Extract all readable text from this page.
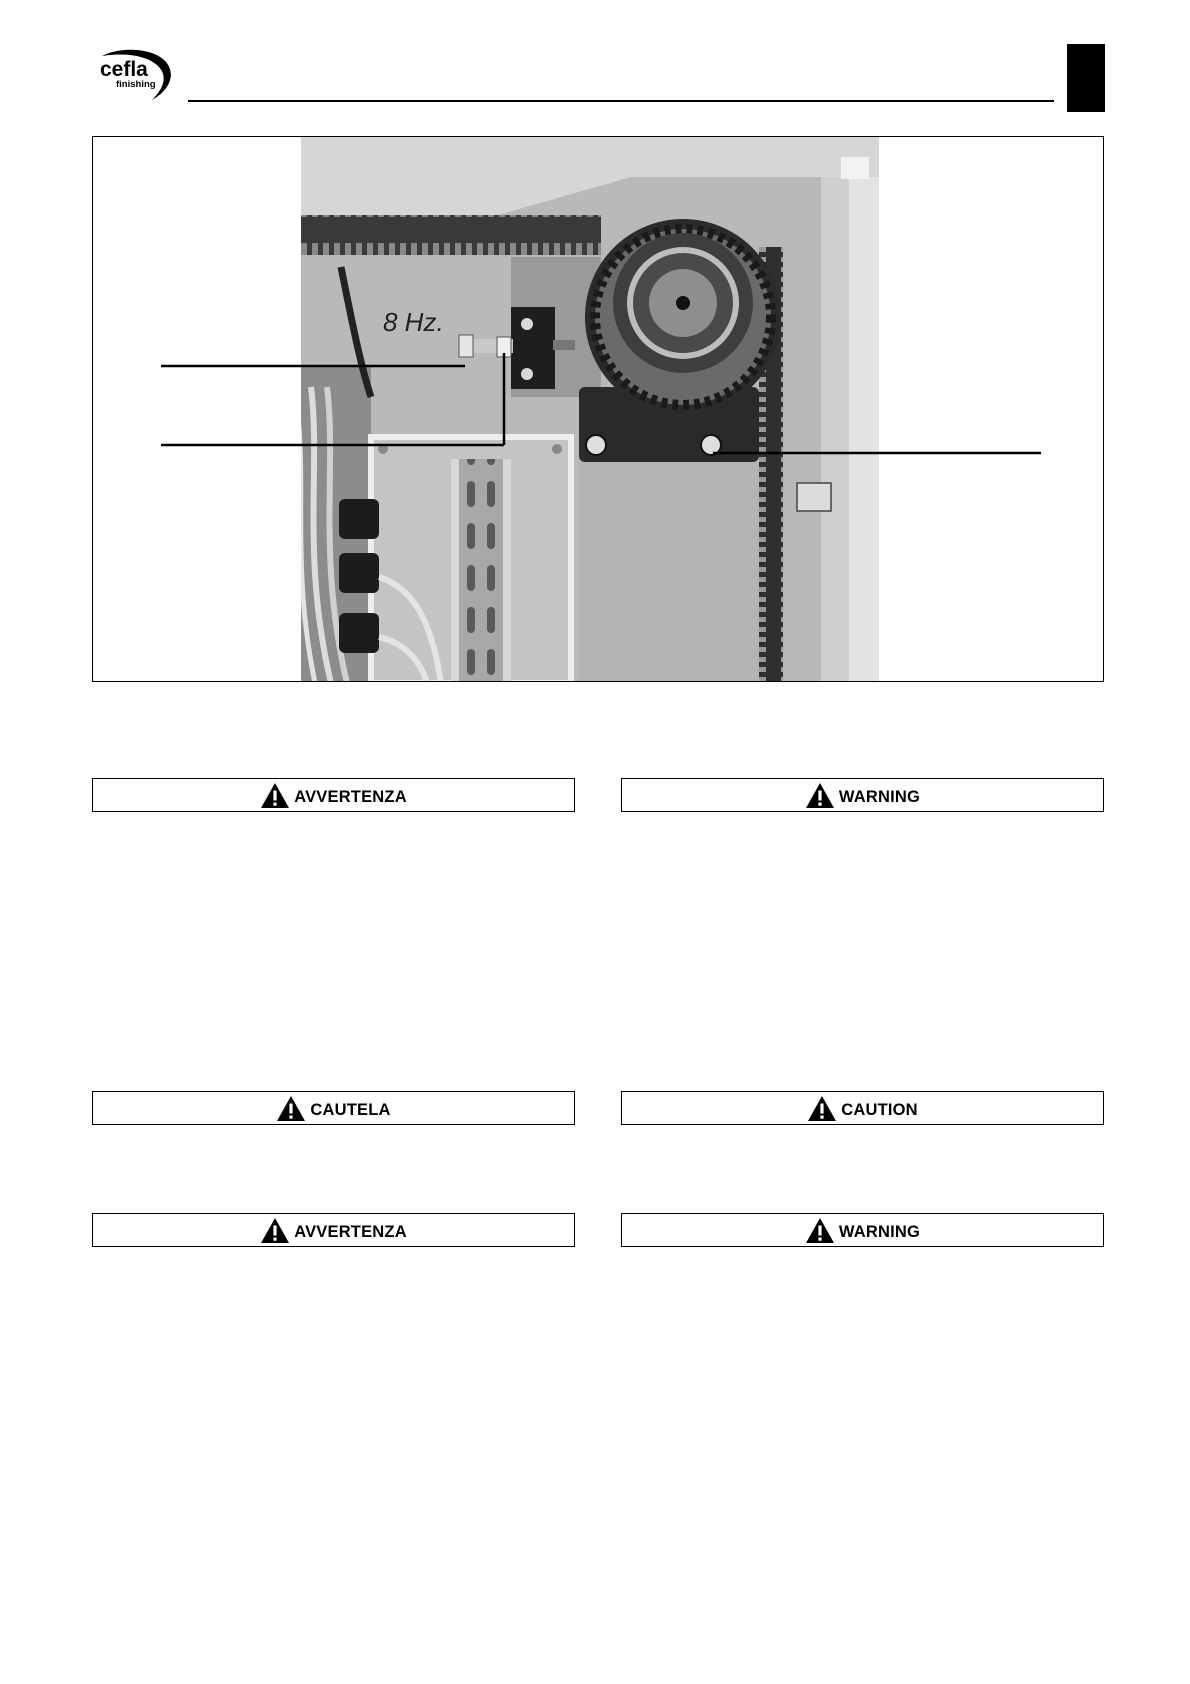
cefla
finishing
8 Hz.
AVVERTENZA	WARNING
CAUTELA	CAUTION
AVVERTENZA	WARNING
